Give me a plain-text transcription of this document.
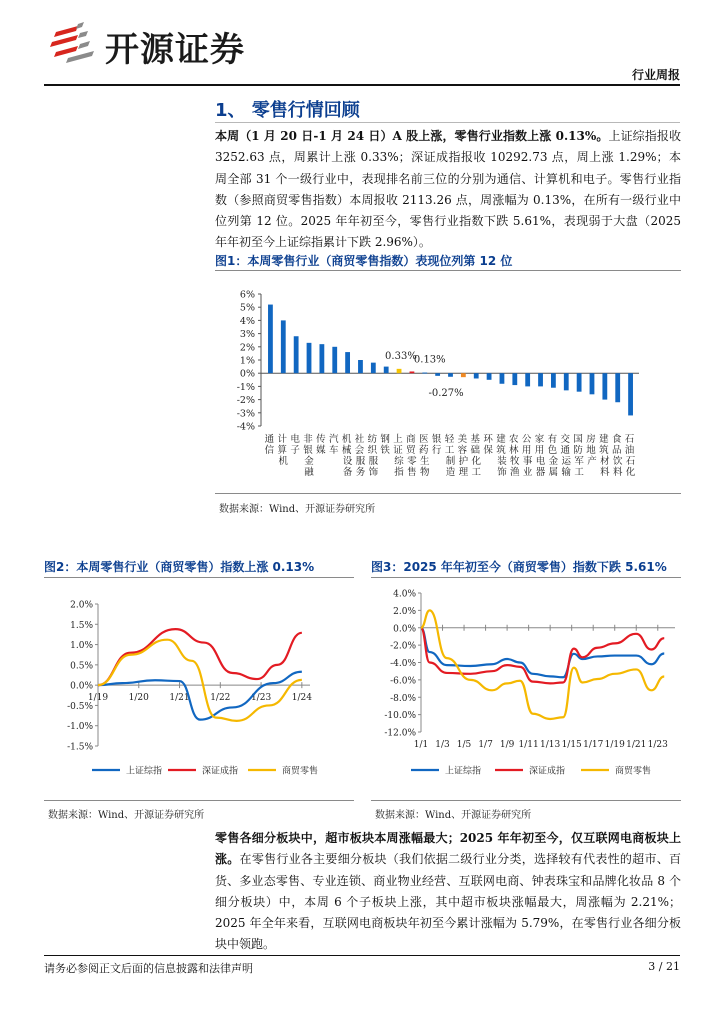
开源证券
行业周报
1、 零售行情回顾
本周（1 月 20 日-1 月 24 日）A 股上涨，零售行业指数上涨 0.13%。上证综指报收 3252.63 点，周累计上涨 0.33%；深证成指报收 10292.73 点，周上涨 1.29%；本周全部 31 个一级行业中，表现排名前三位的分别为通信、计算机和电子。零售行业指数（参照商贸零售指数）本周报收 2113.26 点，周涨幅为 0.13%，在所有一级行业中位列第 12 位。2025 年年初至今，零售行业指数下跌 5.61%，表现弱于大盘（2025 年年初至今上证综指累计下跌 2.96%）。
图1：本周零售行业（商贸零售指数）表现位列第 12 位
6%
5%
4%
3%
2%
1%
0%
-1%
-2%
-3%
-4%
通
信
计
算
机
电
子
非
银
金
融
传
媒
汽
车
机
械
设
备
社
会
服
务
纺
织
服
饰
钢
铁
上
证
综
指
商
贸
零
售
医
药
生
物
银
行
轻
工
制
造
美
容
护
理
基
础
化
工
环
保
建
筑
装
饰
农
林
牧
渔
公
用
事
业
家
用
电
器
有
色
金
属
交
通
运
输
国
防
军
工
房
地
产
建
筑
材
料
食
品
饮
料
石
油
石
化
0.33%
0.13%
-0.27%
数据来源：Wind、开源证券研究所
图2：本周零售行业（商贸零售）指数上涨 0.13%
2.0%
1.5%
1.0%
0.5%
0.0%
-0.5%
-1.0%
-1.5%
1/19 1/20 1/21 1/22 1/23 1/24
上证综指	深证成指	商贸零售
数据来源：Wind、开源证券研究所
图3：2025 年年初至今（商贸零售）指数下跌 5.61%
4.0%
2.0%
0.0%
-2.0%
-4.0%
-6.0%
-8.0%
-10.0%
-12.0%
1/1 1/3 1/5 1/7 1/9 1/11 1/13 1/15 1/17 1/19 1/21 1/23
上证综指	深证成指	商贸零售
数据来源：Wind、开源证券研究所
零售各细分板块中，超市板块本周涨幅最大；2025 年年初至今，仅互联网电商板块上涨。在零售行业各主要细分板块（我们依据二级行业分类，选择较有代表性的超市、百货、多业态零售、专业连锁、商业物业经营、互联网电商、钟表珠宝和品牌化妆品 8 个细分板块）中，本周 6 个子板块上涨，其中超市板块涨幅最大，周涨幅为 2.21%；2025 年全年来看，互联网电商板块年初至今累计涨幅为 5.79%，在零售行业各细分板块中领跑。
请务必参阅正文后面的信息披露和法律声明	3 / 21
